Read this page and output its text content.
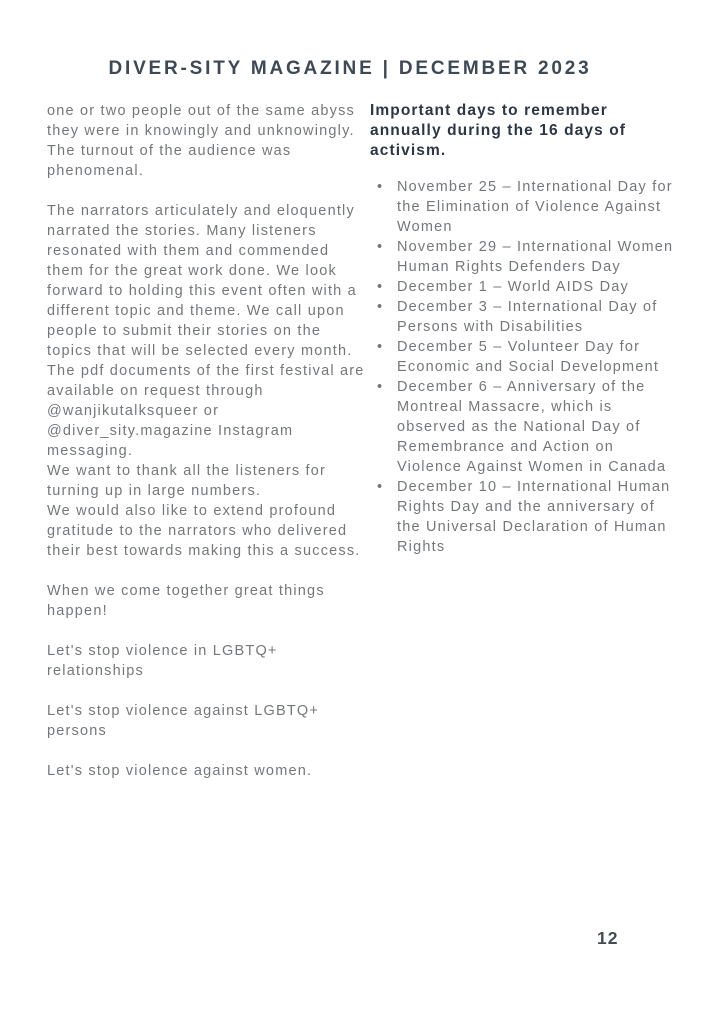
DIVER-SITY MAGAZINE | DECEMBER 2023

one or two people out of the same abyss they were in knowingly and unknowingly. The turnout of the audience was phenomenal.

The narrators articulately and eloquently narrated the stories. Many listeners resonated with them and commended them for the great work done. We look forward to holding this event often with a different topic and theme. We call upon people to submit their stories on the topics that will be selected every month. The pdf documents of the first festival are available on request through @wanjikutalksqueer or @diver_sity.magazine Instagram messaging.

We want to thank all the listeners for turning up in large numbers.

We would also like to extend profound gratitude to the narrators who delivered their best towards making this a success.

When we come together great things happen!

Let's stop violence in LGBTQ+ relationships

Let's stop violence against LGBTQ+ persons

Let's stop violence against women.

Important days to remember annually during the 16 days of activism.
• November 25 – International Day for the Elimination of Violence Against Women
• November 29 – International Women Human Rights Defenders Day
• December 1 – World AIDS Day
• December 3 – International Day of Persons with Disabilities
• December 5 – Volunteer Day for Economic and Social Development
• December 6 – Anniversary of the Montreal Massacre, which is observed as the National Day of Remembrance and Action on Violence Against Women in Canada
• December 10 – International Human Rights Day and the anniversary of the Universal Declaration of Human Rights
12
